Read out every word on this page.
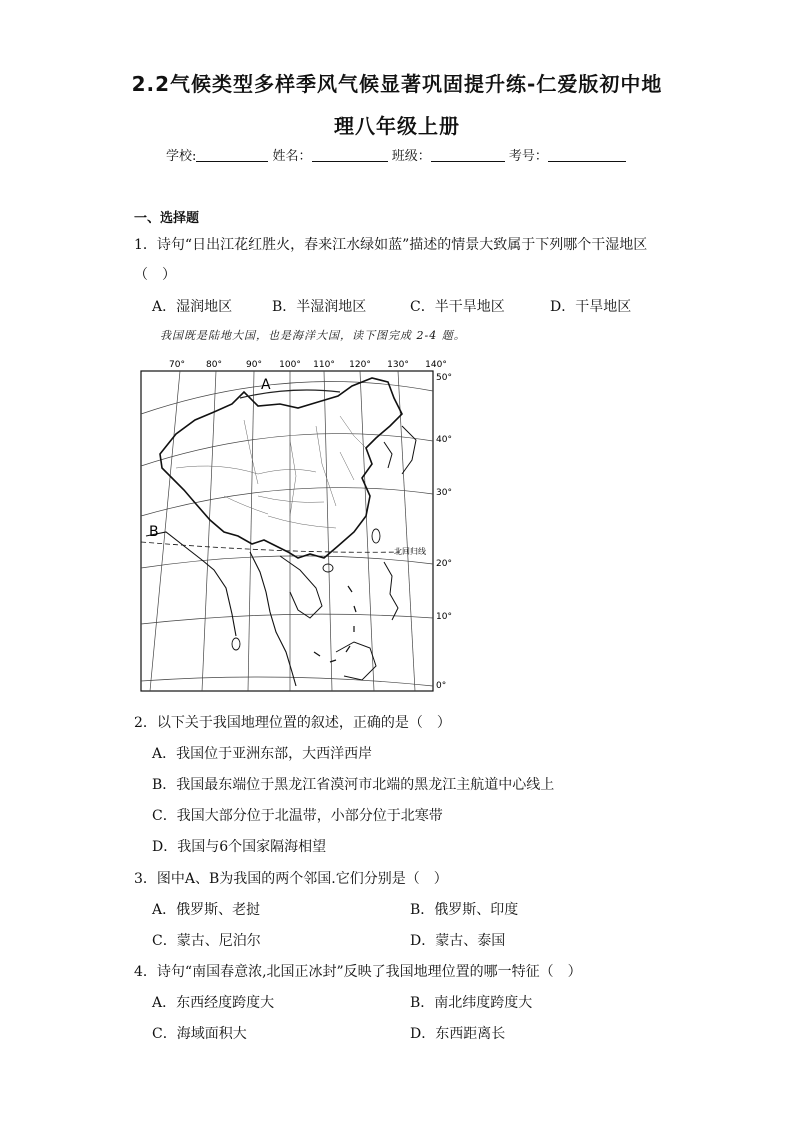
2.2气候类型多样季风气候显著巩固提升练-仁爱版初中地
理八年级上册
学校:	姓名：	班级：	考号：
一、选择题
1．诗句“日出江花红胜火，春来江水绿如蓝”描述的情景大致属于下列哪个干湿地区
（　）
A．湿润地区	B．半湿润地区	C．半干旱地区	D．干旱地区
我国既是陆地大国，也是海洋大国，读下图完成 2-4 题。
70° 80°	90° 100° 110° 120° 130° 140°
50°
40°
30°
20°
10°
0°
北回归线
A
B
2．以下关于我国地理位置的叙述，正确的是（　）
A．我国位于亚洲东部，大西洋西岸
B．我国最东端位于黑龙江省漠河市北端的黑龙江主航道中心线上
C．我国大部分位于北温带，小部分位于北寒带
D．我国与6个国家隔海相望
3．图中A、B为我国的两个邻国.它们分别是（　）
A．俄罗斯、老挝	B．俄罗斯、印度
C．蒙古、尼泊尔	D．蒙古、泰国
4．诗句“南国春意浓,北国正冰封”反映了我国地理位置的哪一特征（　）
A．东西经度跨度大	B．南北纬度跨度大
C．海域面积大	D．东西距离长
